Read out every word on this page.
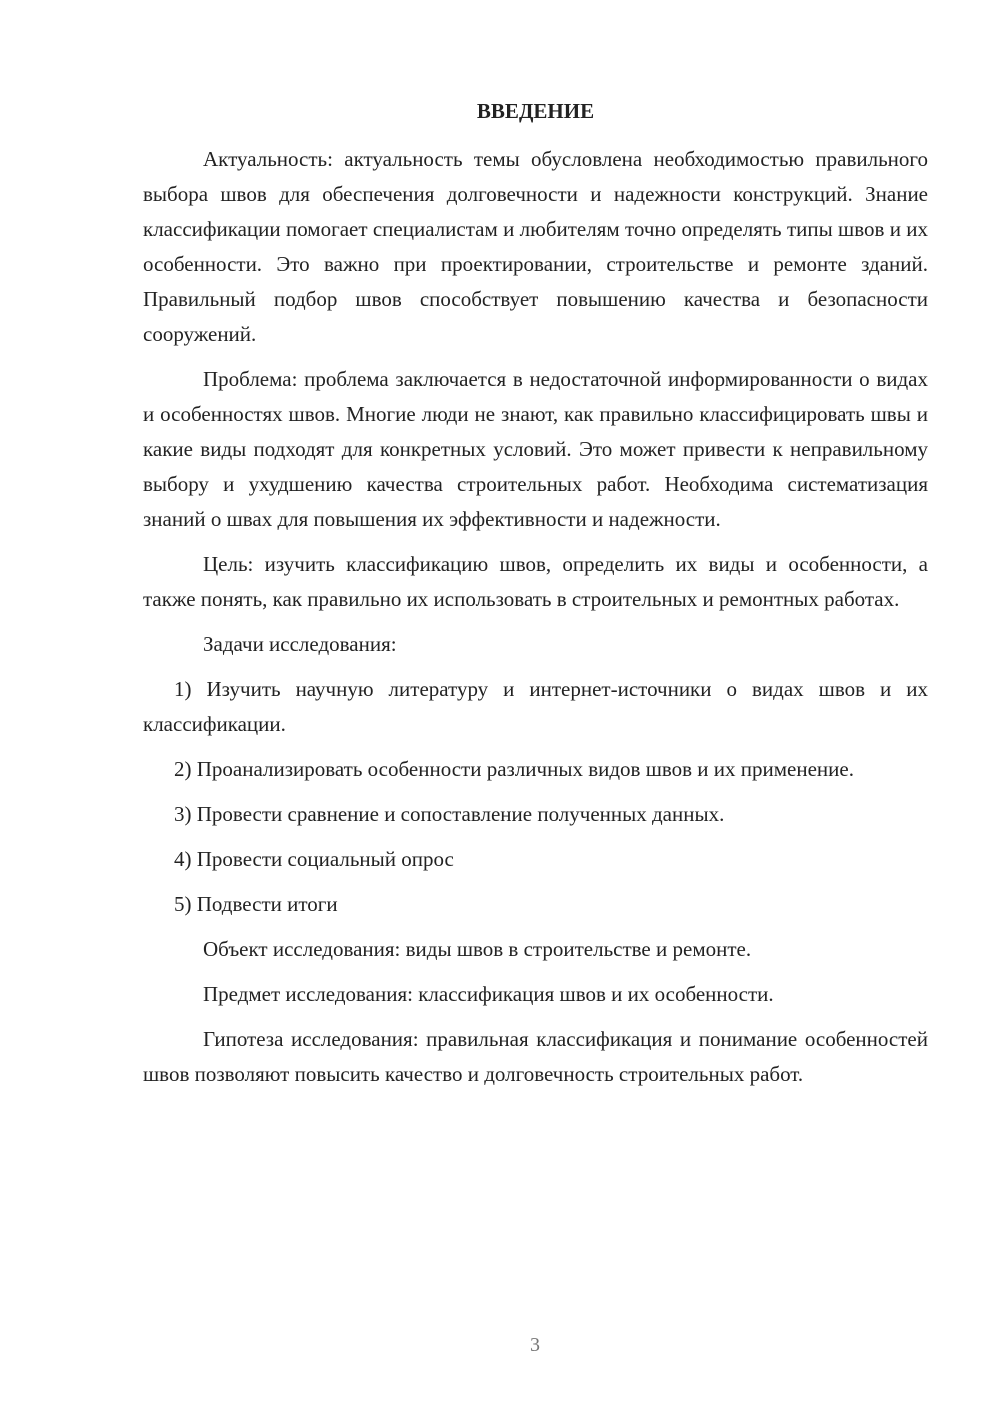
ВВЕДЕНИЕ

Актуальность: актуальность темы обусловлена необходимостью правильного выбора швов для обеспечения долговечности и надежности конструкций. Знание классификации помогает специалистам и любителям точно определять типы швов и их особенности. Это важно при проектировании, строительстве и ремонте зданий. Правильный подбор швов способствует повышению качества и безопасности сооружений.

Проблема: проблема заключается в недостаточной информированности о видах и особенностях швов. Многие люди не знают, как правильно классифицировать швы и какие виды подходят для конкретных условий. Это может привести к неправильному выбору и ухудшению качества строительных работ. Необходима систематизация знаний о швах для повышения их эффективности и надежности.

Цель: изучить классификацию швов, определить их виды и особенности, а также понять, как правильно их использовать в строительных и ремонтных работах.

Задачи исследования:

1) Изучить научную литературу и интернет-источники о видах швов и их классификации.

2) Проанализировать особенности различных видов швов и их применение.

3) Провести сравнение и сопоставление полученных данных.

4) Провести социальный опрос

5) Подвести итоги

Объект исследования: виды швов в строительстве и ремонте.

Предмет исследования: классификация швов и их особенности.

Гипотеза исследования: правильная классификация и понимание особенностей швов позволяют повысить качество и долговечность строительных работ.

3
